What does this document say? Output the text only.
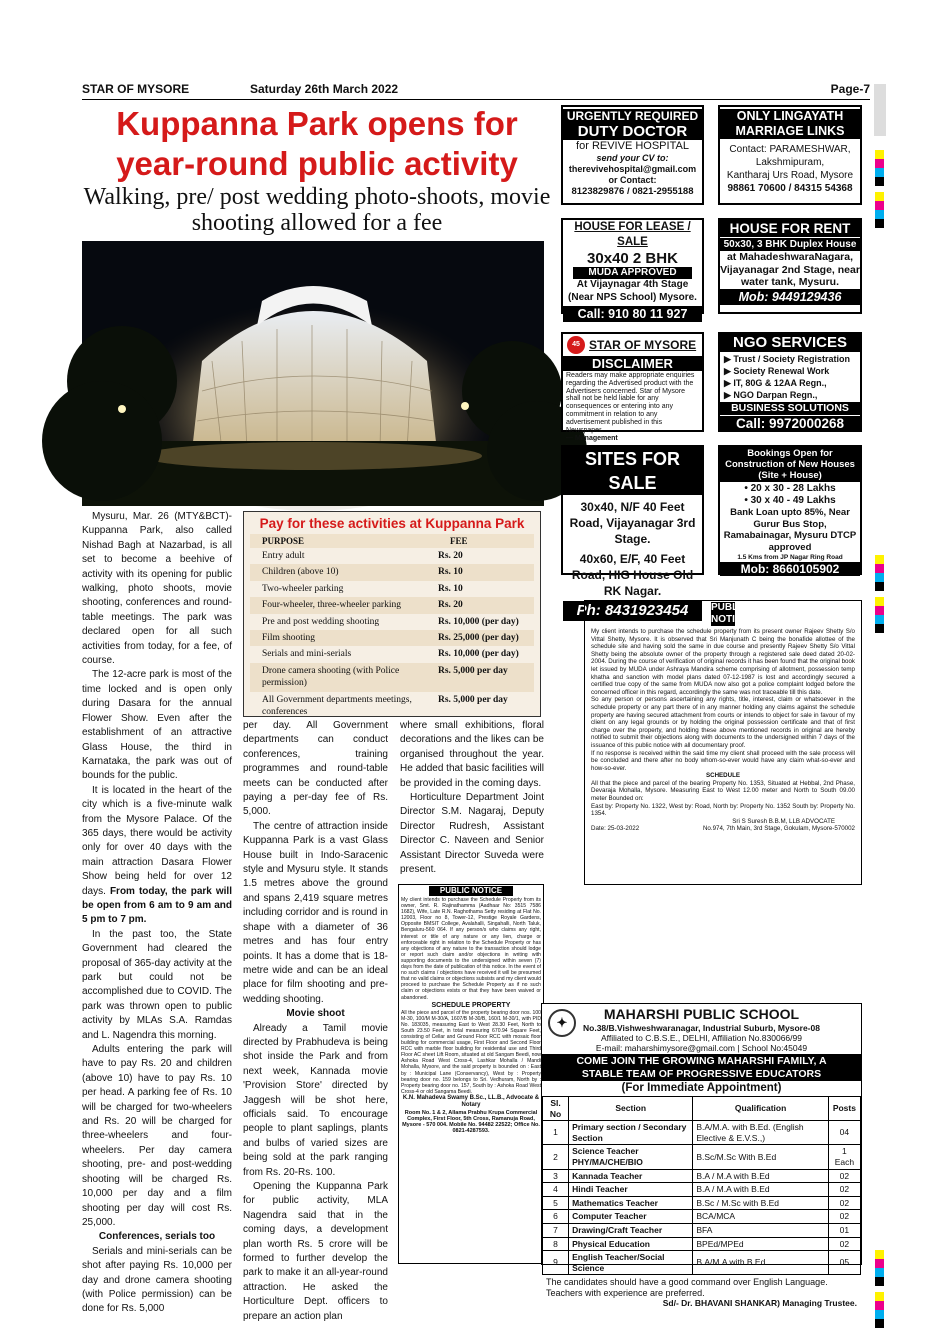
STAR OF MYSORE	Saturday 26th March 2022	Page-7
Kuppanna Park opens for year-round public activity
Walking, pre/ post wedding photo-shoots, movie shooting allowed for a fee

Mysuru, Mar. 26 (MTY&BCT)- Kuppanna Park, also called Nishad Bagh at Nazarbad, is all set to become a beehive of activity with its opening for public walking, photo shoots, movie shooting, conferences and round-table meetings. The park was declared open for all such activities from today, for a fee, of course.

The 12-acre park is most of the time locked and is open only during Dasara for the annual Flower Show. Even after the establishment of an attractive Glass House, the third in Karnataka, the park was out of bounds for the public.

It is located in the heart of the city which is a five-minute walk from the Mysore Palace. Of the 365 days, there would be activity only for over 40 days with the main attraction Dasara Flower Show being held for over 12 days. From today, the park will be open from 6 am to 9 am and 5 pm to 7 pm.

In the past too, the State Government had cleared the proposal of 365-day activity at the park but could not be accomplished due to COVID. The park was thrown open to public activity by MLAs S.A. Ramdas and L. Nagendra this morning.

Adults entering the park will have to pay Rs. 20 and children (above 10) have to pay Rs. 10 per head. A parking fee of Rs. 10 will be charged for two-wheelers and Rs. 20 will be charged for three-wheelers and four-wheelers. Per day camera shooting, pre- and post-wedding shooting will be charged Rs. 10,000 per day and a film shooting per day will cost Rs. 25,000.

Conferences, serials too

Serials and mini-serials can be shot after paying Rs. 10,000 per day and drone camera shooting (with Police permission) can be done for Rs. 5,000

Pay for these activities at Kuppanna Park
PURPOSE	FEE
Entry adult	Rs. 20
Children (above 10)	Rs. 10
Two-wheeler parking	Rs. 10
Four-wheeler, three-wheeler parking	Rs. 20
Pre and post wedding shooting	Rs. 10,000 (per day)
Film shooting	Rs. 25,000 (per day)
Serials and mini-serials	Rs. 10,000 (per day)
Drone camera shooting (with Police permission)	Rs. 5,000 per day
All Government departments meetings, conferences	Rs. 5,000 per day

per day. All Government departments can conduct conferences, training programmes and round-table meets can be conducted after paying a per-day fee of Rs. 5,000.

The centre of attraction inside Kuppanna Park is a vast Glass House built in Indo-Saracenic style and Mysuru style. It stands 1.5 metres above the ground and spans 2,419 square metres including corridor and is round in shape with a diameter of 36 metres and has four entry points. It has a dome that is 18-metre wide and can be an ideal place for film shooting and pre-wedding shooting.

Movie shoot

Already a Tamil movie directed by Prabhudeva is being shot inside the Park and from next week, Kannada movie 'Provision Store' directed by Jaggesh will be shot here, officials said. To encourage people to plant saplings, plants and bulbs of varied sizes are being sold at the park ranging from Rs. 20-Rs. 100.

Opening the Kuppanna Park for public activity, MLA Nagendra said that in the coming days, a development plan worth Rs. 5 crore will be formed to further develop the park to make it an all-year-round attraction. He asked the Horticulture Dept. officers to prepare an action plan

where small exhibitions, floral decorations and the likes can be organised throughout the year. He added that basic facilities will be provided in the coming days.

Horticulture Department Joint Director S.M. Nagaraj, Deputy Director Rudresh, Assistant Director C. Naveen and Senior Assistant Director Suveda were present.

PUBLIC NOTICE
My client intends to purchase the Schedule Property from its owner, Smt. R. Rajinathamma (Aadhaar No: 3515 7586 1682), Wife, Late R.N. Raghothama Setty residing at Flat No. 12003, Floor no 8, Tower-12, Prestige Royale Gardens, Opposite BMSIT College, Avalahalli, Singahalli, North Taluk, Bengaluru-560 064. If any person/s who claims any right, interest or title of any nature or any lien, charge or enforceable right in relation to the Schedule Property or has any objections of any nature to the transaction should lodge or report such claim and/or objections in writing with supporting documents to the undersigned within seven (7) days from the date of publication of this notice. In the event of no such claims / objections have received it will be presumed that no valid claims or objections subsists and my client would proceed to purchase the Schedule Property as if no such claim or objections exists or that they have been waived or abandoned.
SCHEDULE PROPERTY
All the piece and parcel of the property bearing door nos. 100 M-30, 100/M M-30/A, 1607/B M-30/B, 160/1 M-30/1, with PID No. 183035, measuring East to West 28.30 Feet, North to South 23.50 Feet, in total measuring 670.94 Square Feet, consisting of Cellar and Ground Floor RCC with mosaic floor building for commercial usage, First Floor and Second Floor RCC with marble floor building for residential use and Third Floor AC sheet Lift Room, situated at old Sangam Beedi, now Ashoka Road West Cross-4, Lashkar Mohalla / Mandi Mohalla, Mysore, and the said property is bounded on : East by : Municipal Lane (Conservancy), West by : Property bearing door no. 159 belongs to Sri. Vedhuram, North by : Property bearing door no. 157, South by : Ashoka Road West Cross-4 or old Sangama Beedi.
K.N. Mahadeva Swamy B.Sc., LL.B., Advocate & Notary
Room No. 1 & 2, Allama Prabhu Krupa Commercial Complex, First Floor, 5th Cross, Ramanuja Road, Mysore - 570 004. Mobile No. 94482 22522; Office No. 0821-4287593.
URGENTLY REQUIRED
DUTY DOCTOR
for REVIVE HOSPITAL
send your CV to:
therevivehospital@gmail.com
or Contact:
8123829876 / 0821-2955188
ONLY LINGAYATH
MARRIAGE LINKS
Contact: PARAMESHWAR,
Lakshmipuram,
Kantharaj Urs Road, Mysore
98861 70600 / 84315 54368
HOUSE FOR LEASE / SALE
30x40 2 BHK
MUDA APPROVED
At Vijaynagar 4th Stage (Near NPS School) Mysore.
Call: 910 80 11 927
HOUSE FOR RENT
50x30, 3 BHK Duplex House
at MahadeshwaraNagara, Vijayanagar 2nd Stage, near water tank, Mysuru.
Mob: 9449129436
45 STAR OF MYSORE
DISCLAIMER
Readers may make appropriate enquiries regarding the Advertised product with the Advertisers concerned. Star of Mysore shall not be held liable for any consequences or entering into any commitment in relation to any advertisement published in this Newspaper.
— Management
NGO SERVICES
▶ Trust / Society Registration
▶ Society Renewal Work
▶ IT, 80G & 12AA Regn.,
▶ NGO Darpan Regn.,
BUSINESS SOLUTIONS
Call: 9972000268
SITES FOR SALE
30x40, N/F 40 Feet Road, Vijayanagar 3rd Stage.
40x60, E/F, 40 Feet Road, HIG House Old RK Nagar.
Ph: 8431923454
Bookings Open for Construction of New Houses (Site + House)
• 20 x 30 - 28 Lakhs
• 30 x 40 - 49 Lakhs
Bank Loan upto 85%, Near Gurur Bus Stop, Ramabainagar, Mysuru DTCP approved
1.5 Kms from JP Nagar Ring Road
Mob: 8660105902
PUBLIC NOTICE
My client intends to purchase the schedule property from its present owner Rajeev Shetty S/o Vittal Shetty, Mysore. It is observed that Sri Manjunath C being the bonafide allottee of the schedule site and having sold the same in due course and presently Rajeev Shetty S/o Vittal Shetty being the absolute owner of the property through a registered sale deed dated 20-02-2004. During the course of verification of original records it has been found that the original book let issued by MUDA under Ashraya Mandira scheme comprising of allotment, possession temp khatha and sanction with model plans dated 07-12-1987 is lost and accordingly secured a certified true copy of the same from MUDA now also got a police complaint lodged before the concerned officer in this regard, accordingly the same was not traceable till this date.
So any person or persons ascertaining any rights, title, interest, claim or whatsoever in the schedule property or any part there of in any manner holding any claims against the schedule property are having secured attachment from courts or intends to object for sale in favour of my client on any legal grounds or by holding the original possession certificate and that of first charge over the property, and holding these above mentioned records in original are hereby notified to submit their objections along with documents to the undersigned within 7 days of the issuance of this public notice with all documentary proof.
If no response is received within the said time my client shall proceed with the sale process will be concluded and there after no body whom-so-ever would have any claim what-so-ever and how-so-ever.
SCHEDULE
All that the piece and parcel of the bearing Property No. 1353, Situated at Hebbal, 2nd Phase, Devaraja Mohalla, Mysore. Measuring East to West 12.00 meter and North to South 09.00 meter Bounded on:
East by: Property No. 1322, West by: Road, North by: Property No. 1352 South by: Property No. 1354.
Sri S Suresh B.B.M, LLB ADVOCATE
Date: 25-03-2022	No.974, 7th Main, 3rd Stage, Gokulam, Mysore-570002
✦
MAHARSHI PUBLIC SCHOOL
No.38/B.Vishweshwaranagar, Industrial Suburb, Mysore-08
Affiliated to C.B.S.E., DELHI, Affiliation No.830066/99
E-mail: maharshimysore@gmail.com | School No:45049
COME JOIN THE GROWING MAHARSHI FAMILY, A STABLE TEAM OF PROGRESSIVE EDUCATORS
(For Immediate Appointment)
Sl. No	Section	Qualification	Posts
1	Primary section / Secondary Section	B.A/M.A. with B.Ed. (English Elective & E.V.S.,)	04
2	Science Teacher PHY/MA/CHE/BIO	B.Sc/M.Sc With B.Ed	1 Each
3	Kannada Teacher	B.A / M.A with B.Ed	02
4	Hindi Teacher	B.A / M.A with B.Ed	02
5	Mathematics Teacher	B.Sc / M.Sc with B.Ed	02
6	Computer Teacher	BCA/MCA	02
7	Drawing/Craft Teacher	BFA	01
8	Physical Education	BPEd/MPEd	02
9	English Teacher/Social Science	B.A/M.A with B.Ed	05
The candidates should have a good command over English Language. Teachers with experience are preferred.
Sd/- Dr. BHAVANI SHANKAR) Managing Trustee.
